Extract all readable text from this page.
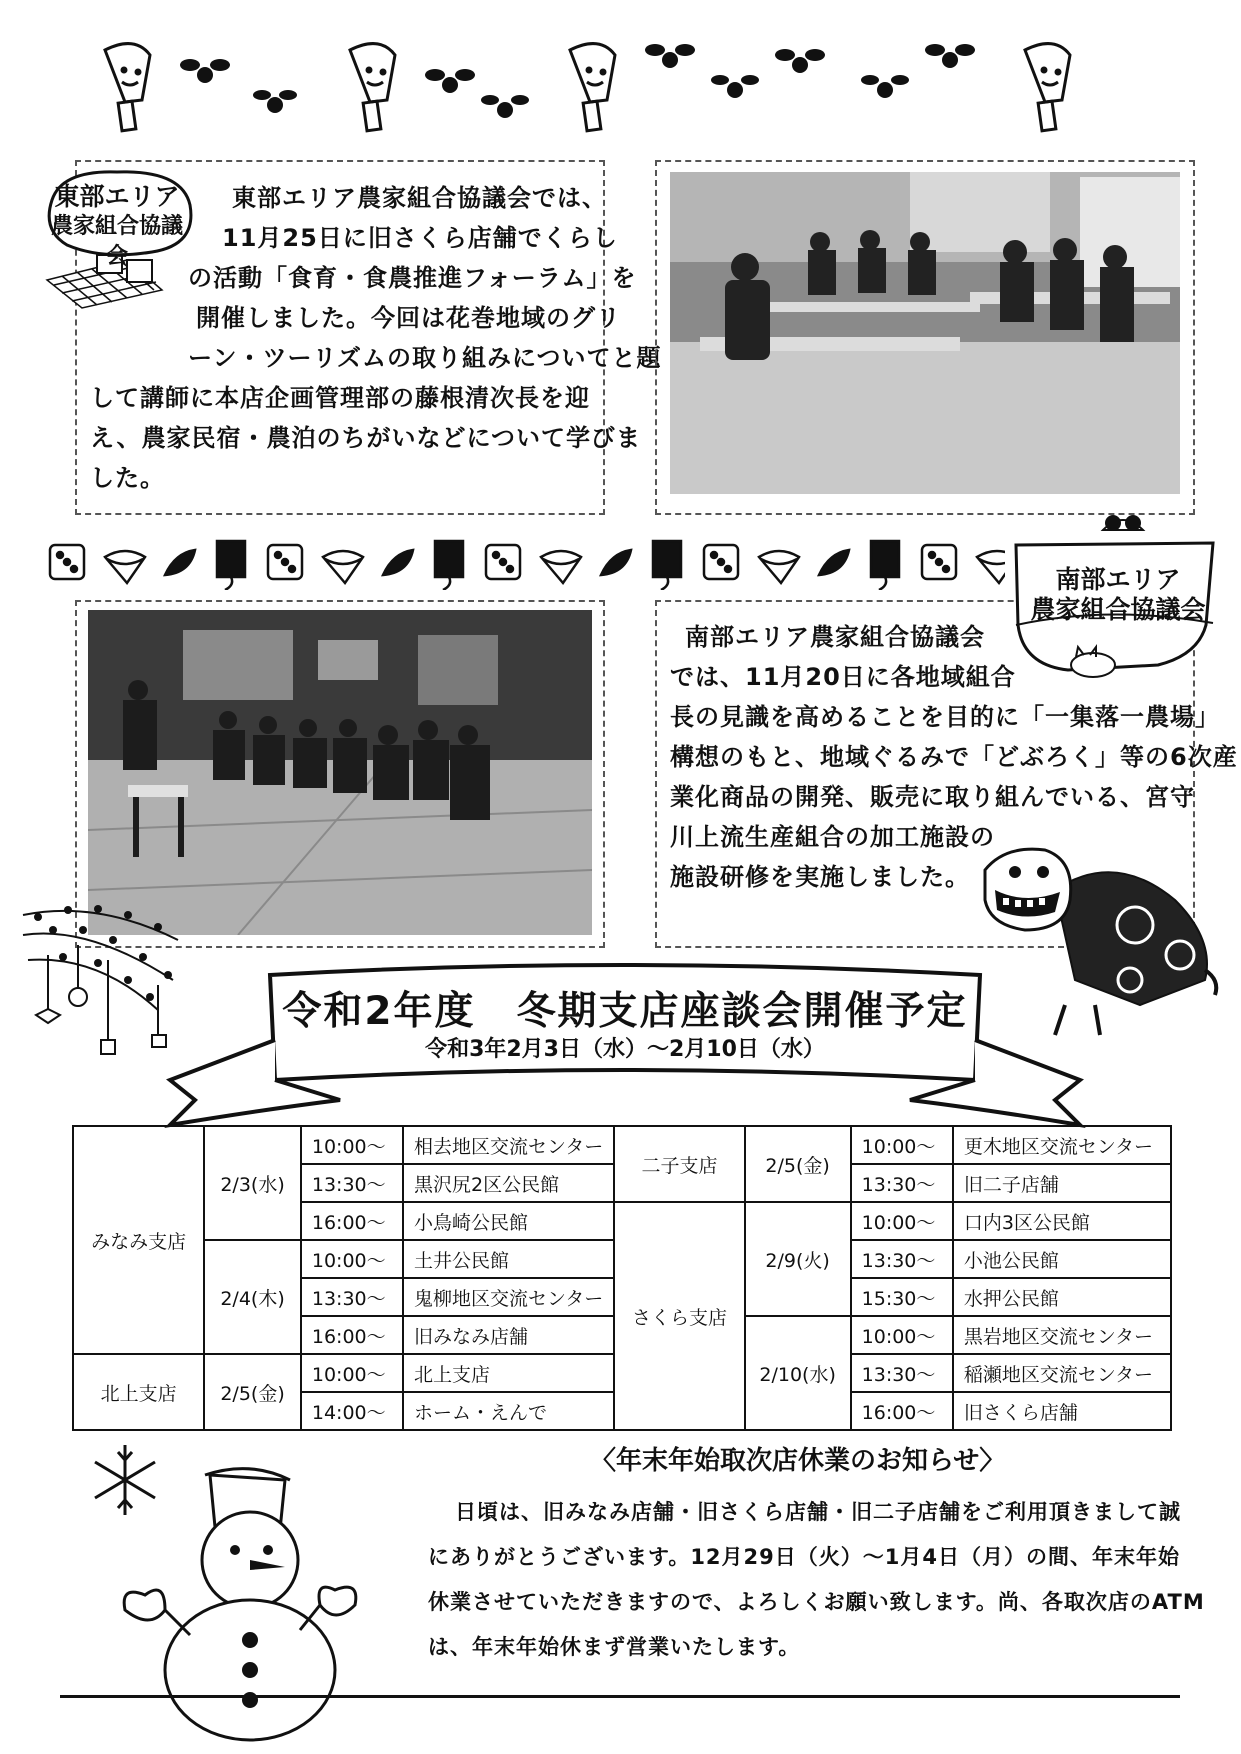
東部エリア
農家組合協議会
東部エリア農家組合協議会では、
11月25日に旧さくら店舗でくらし
の活動「食育・食農推進フォーラム」を
開催しました。今回は花巻地域のグリ
ーン・ツーリズムの取り組みについてと題
して講師に本店企画管理部の藤根清次長を迎
え、農家民宿・農泊のちがいなどについて学びま
した。
南部エリア
農家組合協議会
南部エリア農家組合協議会
では、11月20日に各地域組合
長の見識を高めることを目的に「一集落一農場」
構想のもと、地域ぐるみで「どぶろく」等の6次産
業化商品の開発、販売に取り組んでいる、宮守
川上流生産組合の加工施設の
施設研修を実施しました。
令和2年度　冬期支店座談会開催予定
令和3年2月3日（水）～2月10日（水）
みなみ支店	2/3(水)	10:00～	相去地区交流センター	二子支店	2/5(金)	10:00～	更木地区交流センター
		13:30～	黒沢尻2区公民館			13:30～	旧二子店舗
		16:00～	小鳥崎公民館	さくら支店	2/9(火)	10:00～	口内3区公民館
	2/4(木)	10:00～	土井公民館			13:30～	小池公民館
		13:30～	鬼柳地区交流センター			15:30～	水押公民館
		16:00～	旧みなみ店舗		2/10(水)	10:00～	黒岩地区交流センター
北上支店	2/5(金)	10:00～	北上支店			13:30～	稲瀬地区交流センター
		14:00～	ホーム・えんで			16:00～	旧さくら店舗
〈年末年始取次店休業のお知らせ〉
日頃は、旧みなみ店舗・旧さくら店舗・旧二子店舗をご利用頂きまして誠
にありがとうございます。12月29日（火）～1月4日（月）の間、年末年始
休業させていただきますので、よろしくお願い致します。尚、各取次店のATM
は、年末年始休まず営業いたします。
